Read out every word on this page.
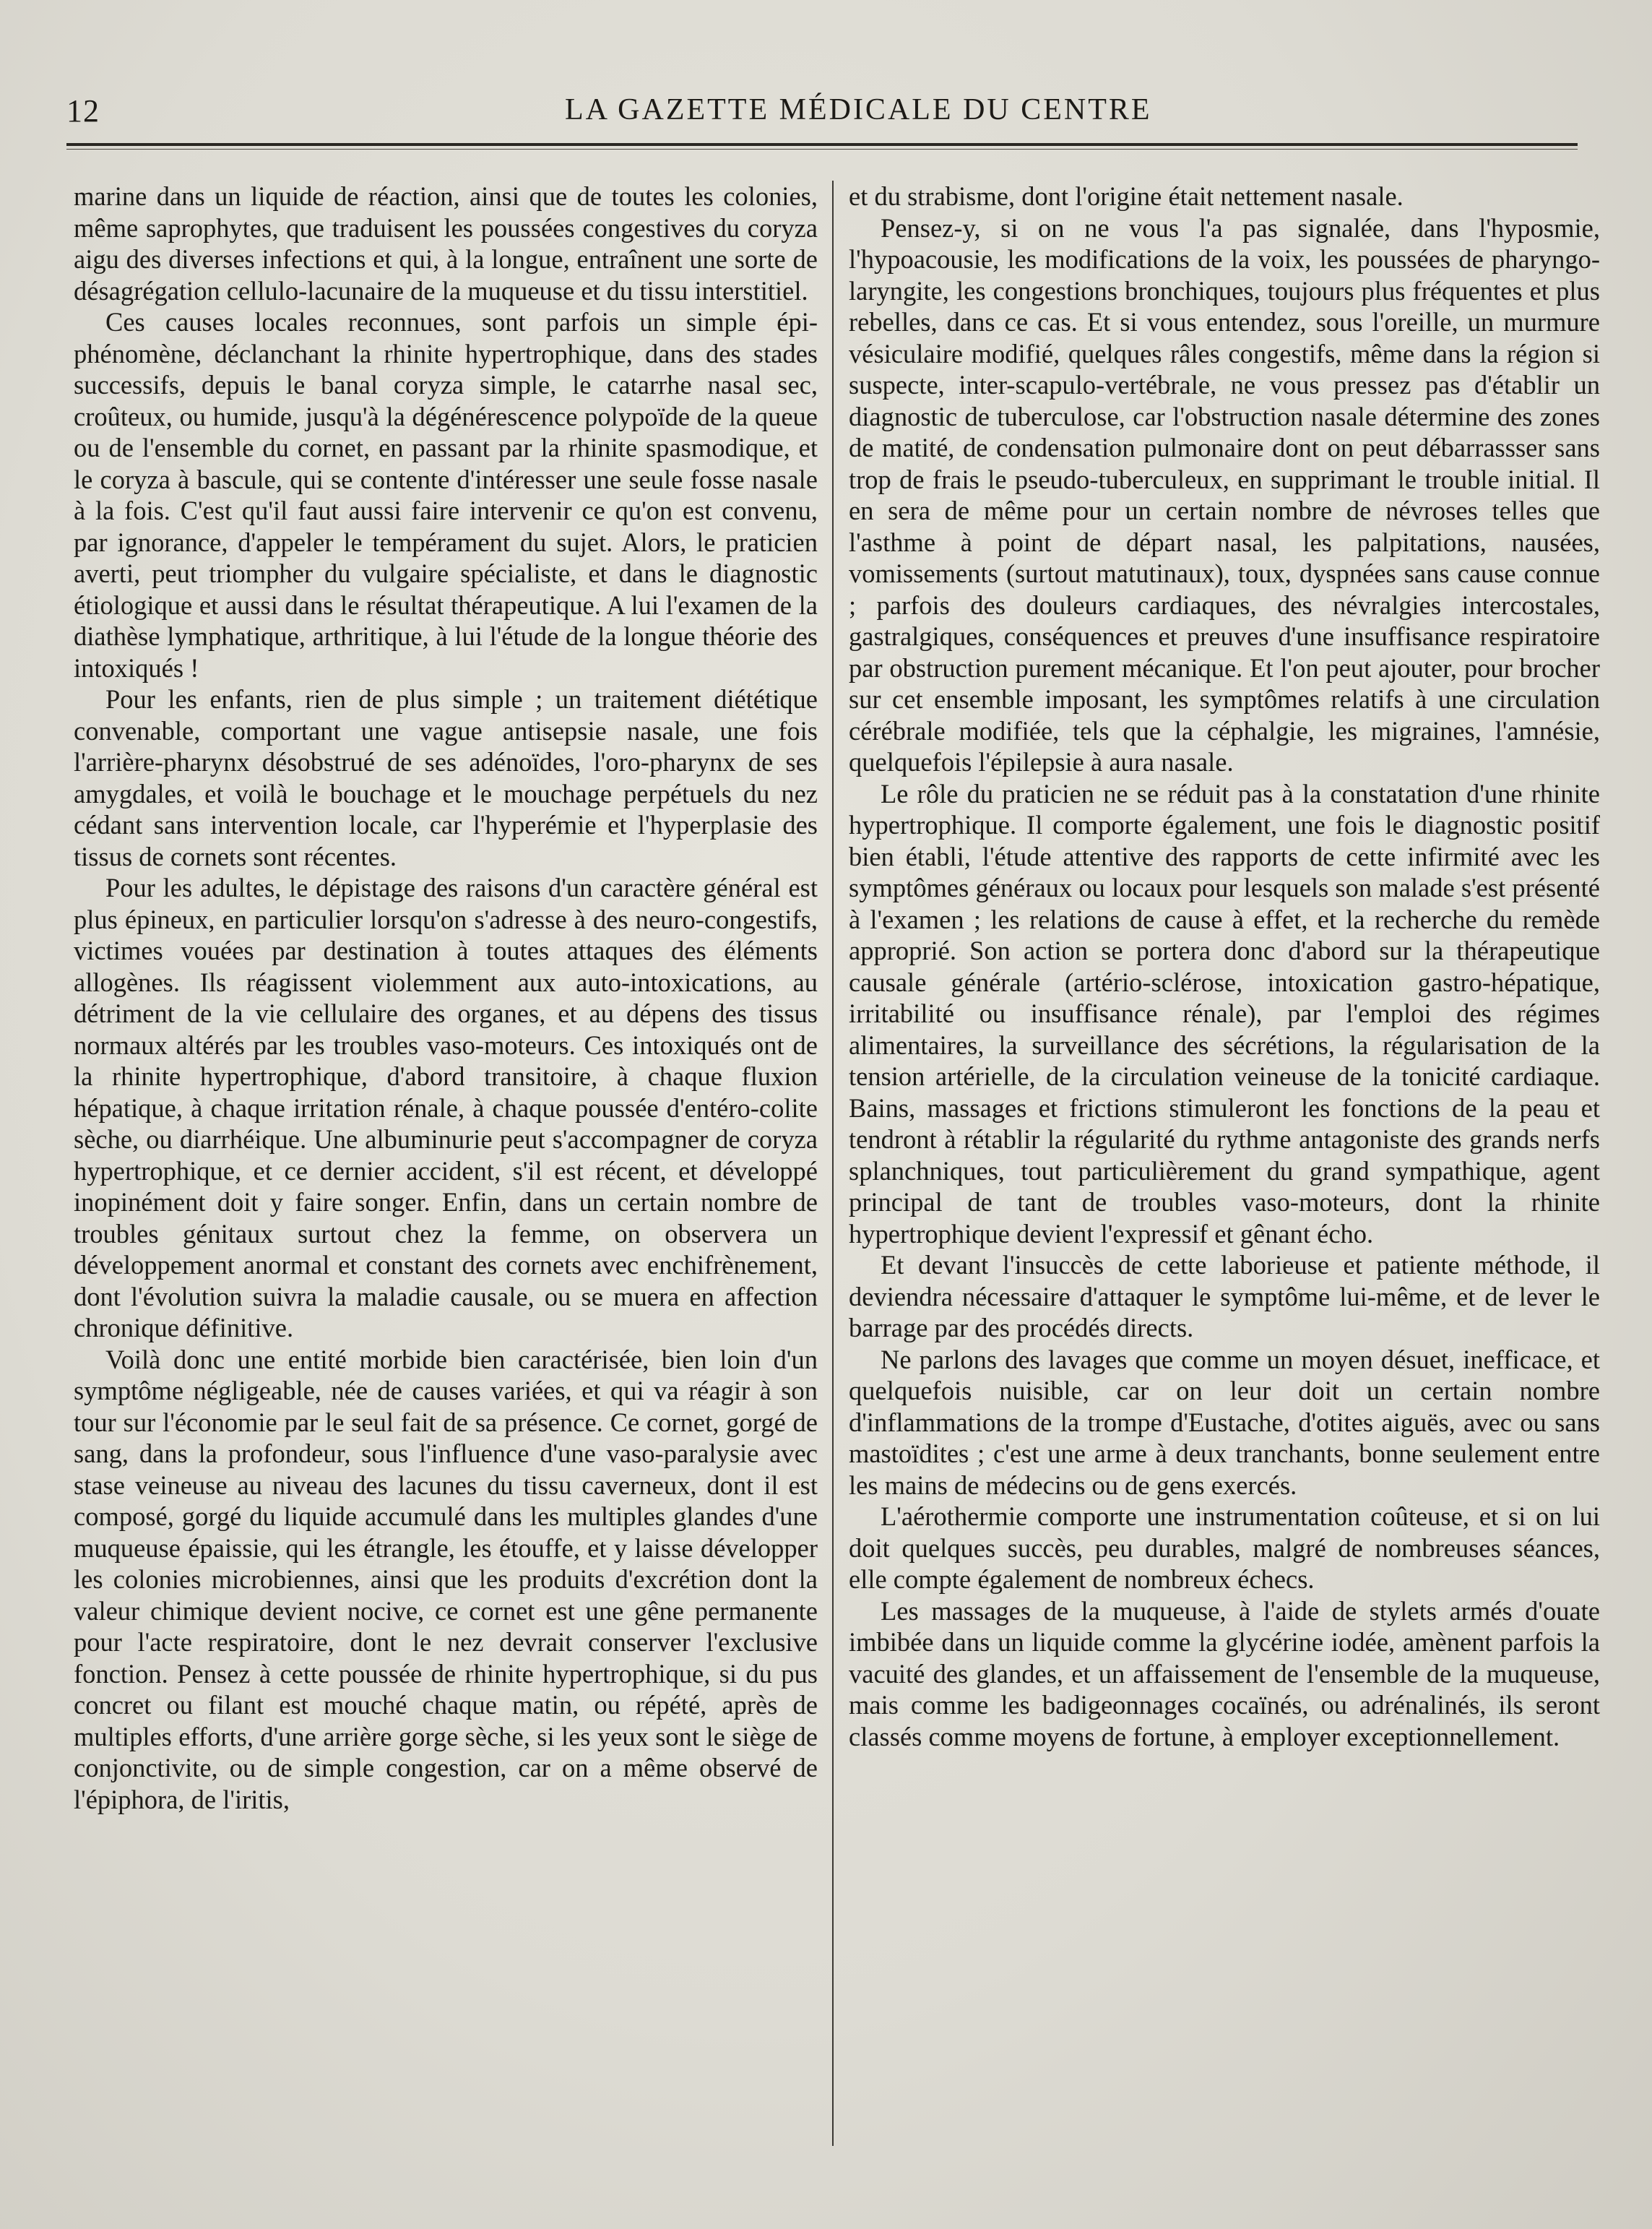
12	LA GAZETTE MÉDICALE DU CENTRE

marine dans un liquide de réaction, ainsi que de toutes les colonies, même saprophytes, que traduisent les poussées congestives du coryza aigu des diverses infections et qui, à la longue, entraînent une sorte de désagrégation cellulo-lacunaire de la muqueuse et du tissu interstitiel.

Ces causes locales reconnues, sont parfois un simple épi-phénomène, déclanchant la rhinite hypertrophique, dans des stades successifs, depuis le banal coryza simple, le catarrhe nasal sec, croûteux, ou humide, jusqu'à la dégénérescence polypoïde de la queue ou de l'ensemble du cornet, en passant par la rhinite spasmodique, et le coryza à bascule, qui se contente d'intéresser une seule fosse nasale à la fois. C'est qu'il faut aussi faire intervenir ce qu'on est convenu, par ignorance, d'appeler le tempérament du sujet. Alors, le praticien averti, peut triompher du vulgaire spécialiste, et dans le diagnostic étiologique et aussi dans le résultat thérapeutique. A lui l'examen de la diathèse lymphatique, arthritique, à lui l'étude de la longue théorie des intoxiqués !

Pour les enfants, rien de plus simple ; un traitement diététique convenable, comportant une vague antisepsie nasale, une fois l'arrière-pharynx désobstrué de ses adénoïdes, l'oro-pharynx de ses amygdales, et voilà le bouchage et le mouchage perpétuels du nez cédant sans intervention locale, car l'hyperémie et l'hyperplasie des tissus de cornets sont récentes.

Pour les adultes, le dépistage des raisons d'un caractère général est plus épineux, en particulier lorsqu'on s'adresse à des neuro-congestifs, victimes vouées par destination à toutes attaques des éléments allogènes. Ils réagissent violemment aux auto-intoxications, au détriment de la vie cellulaire des organes, et au dépens des tissus normaux altérés par les troubles vaso-moteurs. Ces intoxiqués ont de la rhinite hypertrophique, d'abord transitoire, à chaque fluxion hépatique, à chaque irritation rénale, à chaque poussée d'entéro-colite sèche, ou diarrhéique. Une albuminurie peut s'accompagner de coryza hypertrophique, et ce dernier accident, s'il est récent, et développé inopinément doit y faire songer. Enfin, dans un certain nombre de troubles génitaux surtout chez la femme, on observera un développement anormal et constant des cornets avec enchifrènement, dont l'évolution suivra la maladie causale, ou se muera en affection chronique définitive.

Voilà donc une entité morbide bien caractérisée, bien loin d'un symptôme négligeable, née de causes variées, et qui va réagir à son tour sur l'économie par le seul fait de sa présence. Ce cornet, gorgé de sang, dans la profondeur, sous l'influence d'une vaso-paralysie avec stase veineuse au niveau des lacunes du tissu caverneux, dont il est composé, gorgé du liquide accumulé dans les multiples glandes d'une muqueuse épaissie, qui les étrangle, les étouffe, et y laisse développer les colonies microbiennes, ainsi que les produits d'excrétion dont la valeur chimique devient nocive, ce cornet est une gêne permanente pour l'acte respiratoire, dont le nez devrait conserver l'exclusive fonction. Pensez à cette poussée de rhinite hypertrophique, si du pus concret ou filant est mouché chaque matin, ou répété, après de multiples efforts, d'une arrière gorge sèche, si les yeux sont le siège de conjonctivite, ou de simple congestion, car on a même observé de l'épiphora, de l'iritis,

et du strabisme, dont l'origine était nettement nasale.

Pensez-y, si on ne vous l'a pas signalée, dans l'hyposmie, l'hypoacousie, les modifications de la voix, les poussées de pharyngo-laryngite, les congestions bronchiques, toujours plus fréquentes et plus rebelles, dans ce cas. Et si vous entendez, sous l'oreille, un murmure vésiculaire modifié, quelques râles congestifs, même dans la région si suspecte, inter-scapulo-vertébrale, ne vous pressez pas d'établir un diagnostic de tuberculose, car l'obstruction nasale détermine des zones de matité, de condensation pulmonaire dont on peut débarrassser sans trop de frais le pseudo-tuberculeux, en supprimant le trouble initial. Il en sera de même pour un certain nombre de névroses telles que l'asthme à point de départ nasal, les palpitations, nausées, vomissements (surtout matutinaux), toux, dyspnées sans cause connue ; parfois des douleurs cardiaques, des névralgies intercostales, gastralgiques, conséquences et preuves d'une insuffisance respiratoire par obstruction purement mécanique. Et l'on peut ajouter, pour brocher sur cet ensemble imposant, les symptômes relatifs à une circulation cérébrale modifiée, tels que la céphalgie, les migraines, l'amnésie, quelquefois l'épilepsie à aura nasale.

Le rôle du praticien ne se réduit pas à la constatation d'une rhinite hypertrophique. Il comporte également, une fois le diagnostic positif bien établi, l'étude attentive des rapports de cette infirmité avec les symptômes généraux ou locaux pour lesquels son malade s'est présenté à l'examen ; les relations de cause à effet, et la recherche du remède approprié. Son action se portera donc d'abord sur la thérapeutique causale générale (artério-sclérose, intoxication gastro-hépatique, irritabilité ou insuffisance rénale), par l'emploi des régimes alimentaires, la surveillance des sécrétions, la régularisation de la tension artérielle, de la circulation veineuse de la tonicité cardiaque. Bains, massages et frictions stimuleront les fonctions de la peau et tendront à rétablir la régularité du rythme antagoniste des grands nerfs splanchniques, tout particulièrement du grand sympathique, agent principal de tant de troubles vaso-moteurs, dont la rhinite hypertrophique devient l'expressif et gênant écho.

Et devant l'insuccès de cette laborieuse et patiente méthode, il deviendra nécessaire d'attaquer le symptôme lui-même, et de lever le barrage par des procédés directs.

Ne parlons des lavages que comme un moyen désuet, inefficace, et quelquefois nuisible, car on leur doit un certain nombre d'inflammations de la trompe d'Eustache, d'otites aiguës, avec ou sans mastoïdites ; c'est une arme à deux tranchants, bonne seulement entre les mains de médecins ou de gens exercés.

L'aérothermie comporte une instrumentation coûteuse, et si on lui doit quelques succès, peu durables, malgré de nombreuses séances, elle compte également de nombreux échecs.

Les massages de la muqueuse, à l'aide de stylets armés d'ouate imbibée dans un liquide comme la glycérine iodée, amènent parfois la vacuité des glandes, et un affaissement de l'ensemble de la muqueuse, mais comme les badigeonnages cocaïnés, ou adrénalinés, ils seront classés comme moyens de fortune, à employer exceptionnellement.
